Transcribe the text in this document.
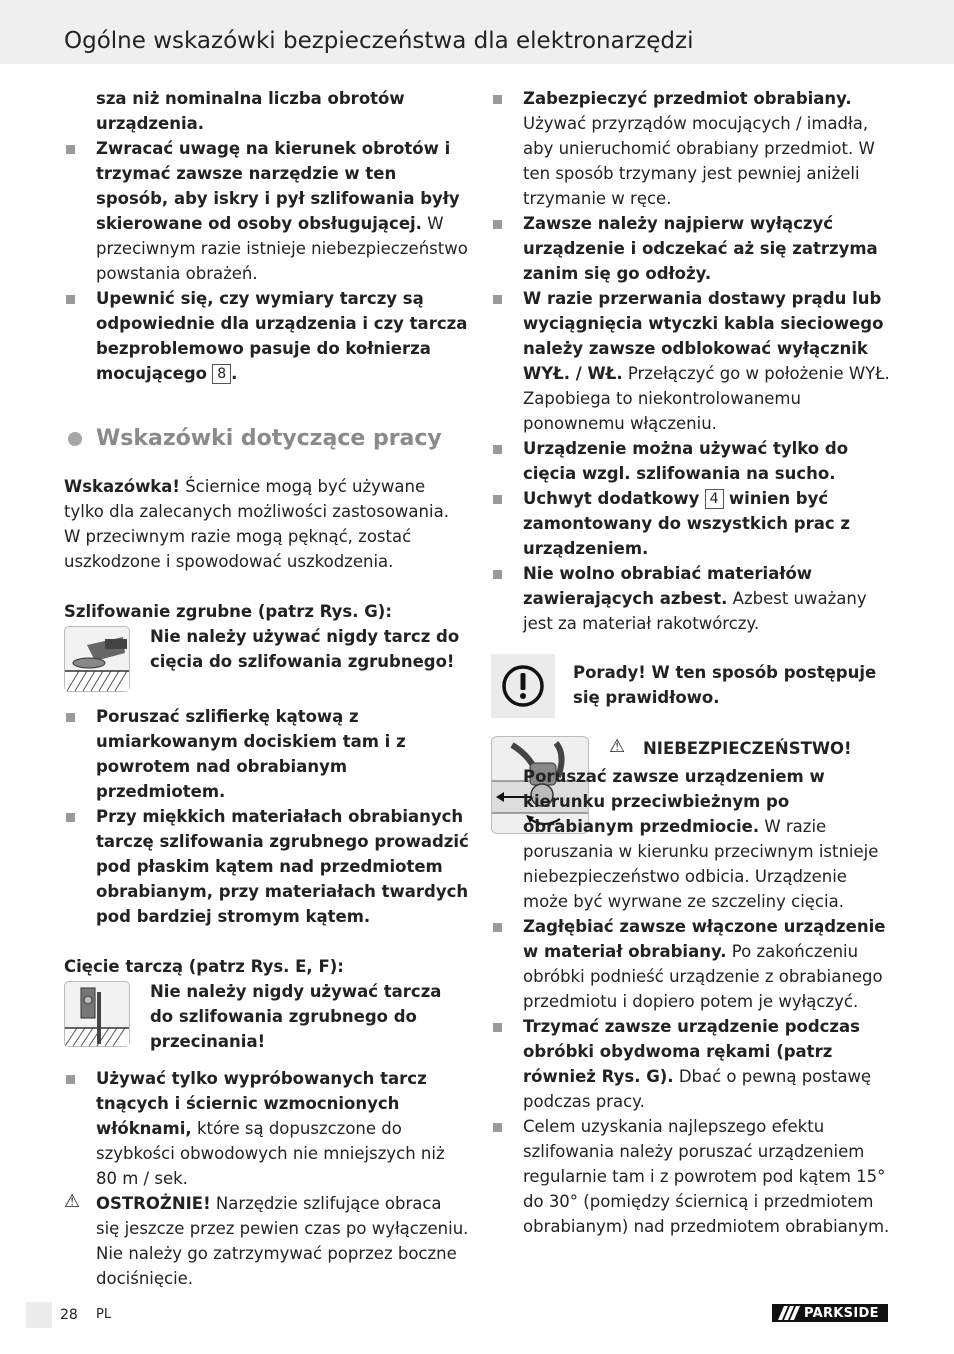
Ogólne wskazówki bezpieczeństwa dla elektronarzędzi
sza niż nominalna liczba obrotów urządzenia.
Zwracać uwagę na kierunek obrotów i trzymać zawsze narzędzie w ten sposób, aby iskry i pył szlifowania były skierowane od osoby obsługującej. W przeciwnym razie istnieje niebezpieczeństwo powstania obrażeń.
Upewnić się, czy wymiary tarczy są odpowiednie dla urządzenia i czy tarcza bezproblemowo pasuje do kołnierza mocującego 8 .
Wskazówki dotyczące pracy
Wskazówka! Ściernice mogą być używane tylko dla zalecanych możliwości zastosowania. W przeciwnym razie mogą pęknąć, zostać uszkodzone i spowodować uszkodzenia.
Szlifowanie zgrubne (patrz Rys. G):
Nie należy używać nigdy tarcz do cięcia do szlifowania zgrubnego!
Poruszać szlifierkę kątową z umiarkowanym dociskiem tam i z powrotem nad obrabianym przedmiotem.
Przy miękkich materiałach obrabianych tarczę szlifowania zgrubnego prowadzić pod płaskim kątem nad przedmiotem obrabianym, przy materiałach twardych pod bardziej stromym kątem.
Cięcie tarczą (patrz Rys. E, F):
Nie należy nigdy używać tarcza do szlifowania zgrubnego do przecinania!
Używać tylko wypróbowanych tarcz tnących i ściernic wzmocnionych włóknami, które są dopuszczone do szybkości obwodowych nie mniejszych niż 80 m / sek.
⚠ OSTROŻNIE! Narzędzie szlifujące obraca się jeszcze przez pewien czas po wyłączeniu. Nie należy go zatrzymywać poprzez boczne dociśnięcie.
Zabezpieczyć przedmiot obrabiany. Używać przyrządów mocujących / imadła, aby unieruchomić obrabiany przedmiot. W ten sposób trzymany jest pewniej aniżeli trzymanie w ręce.
Zawsze należy najpierw wyłączyć urządzenie i odczekać aż się zatrzyma zanim się go odłoży.
W razie przerwania dostawy prądu lub wyciągnięcia wtyczki kabla sieciowego należy zawsze odblokować wyłącznik WYŁ. / WŁ. Przełączyć go w położenie WYŁ. Zapobiega to niekontrolowanemu ponownemu włączeniu.
Urządzenie można używać tylko do cięcia wzgl. szlifowania na sucho.
Uchwyt dodatkowy 4 winien być zamontowany do wszystkich prac z urządzeniem.
Nie wolno obrabiać materiałów zawierających azbest. Azbest uważany jest za materiał rakotwórczy.
Porady! W ten sposób postępuje się prawidłowo.
⚠ NIEBEZPIECZEŃSTWO!
Poruszać zawsze urządzeniem w kierunku przeciwbieżnym po obrabianym przedmiocie. W razie poruszania w kierunku przeciwnym istnieje niebezpieczeństwo odbicia. Urządzenie może być wyrwane ze szczeliny cięcia.
Zagłębiać zawsze włączone urządzenie w materiał obrabiany. Po zakończeniu obróbki podnieść urządzenie z obrabianego przedmiotu i dopiero potem je wyłączyć.
Trzymać zawsze urządzenie podczas obróbki obydwoma rękami (patrz również Rys. G). Dbać o pewną postawę podczas pracy.
Celem uzyskania najlepszego efektu szlifowania należy poruszać urządzeniem regularnie tam i z powrotem pod kątem 15° do 30° (pomiędzy ściernicą i przedmiotem obrabianym) nad przedmiotem obrabianym.
28 PL	PARKSIDE
